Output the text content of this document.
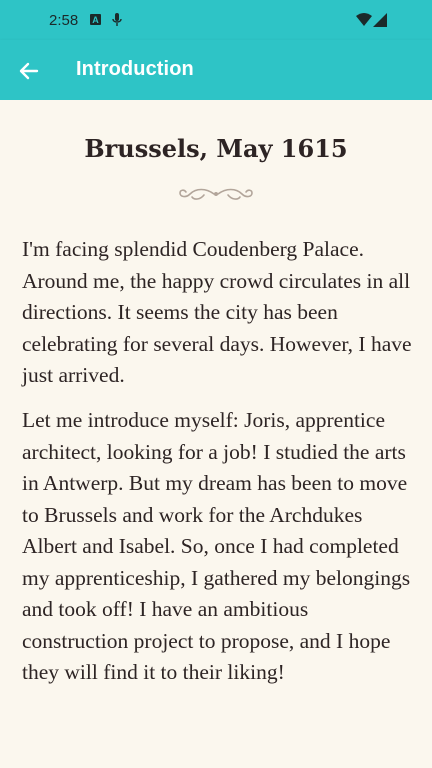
2:58 A
Introduction
Brussels, May 1615
I'm facing splendid Coudenberg Palace. Around me, the happy crowd circulates in all directions. It seems the city has been celebrating for several days. However, I have just arrived.
Let me introduce myself: Joris, apprentice architect, looking for a job! I studied the arts in Antwerp. But my dream has been to move to Brussels and work for the Archdukes Albert and Isabel. So, once I had completed my apprenticeship, I gathered my belongings and took off! I have an ambitious construction project to propose, and I hope they will find it to their liking!
